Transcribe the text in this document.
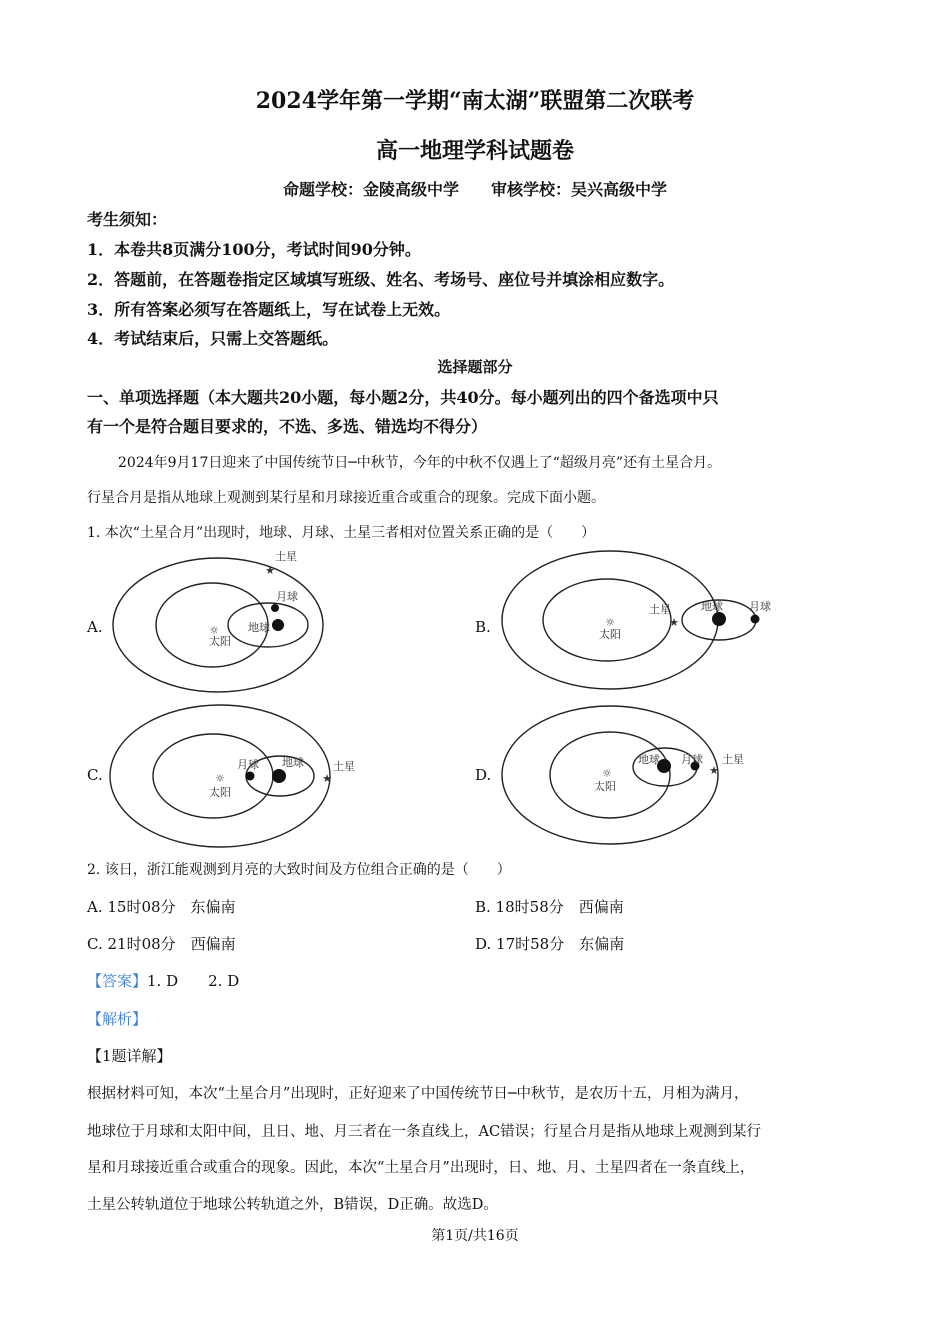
2024学年第一学期“南太湖”联盟第二次联考
高一地理学科试题卷
命题学校：金陵高级中学　　审核学校：吴兴高级中学
考生须知：
1．本卷共8页满分100分，考试时间90分钟。
2．答题前，在答题卷指定区域填写班级、姓名、考场号、座位号并填涂相应数字。
3．所有答案必须写在答题纸上，写在试卷上无效。
4．考试结束后，只需上交答题纸。
选择题部分
一、单项选择题（本大题共20小题，每小题2分，共40分。每小题列出的四个备选项中只
有一个是符合题目要求的，不选、多选、错选均不得分）
2024年9月17日迎来了中国传统节日─中秋节，今年的中秋不仅遇上了“超级月亮”还有土星合月。
行星合月是指从地球上观测到某行星和月球接近重合或重合的现象。完成下面小题。
1. 本次“土星合月”出现时，地球、月球、土星三者相对位置关系正确的是（　　）
A.	B.
C.	D.
☼
太阳
地球
月球
★
土星
☼
太阳
★
土星	地球 月球
☼
太阳
月球 地球
★
土星
☼
太阳
地球 月球
★
土星
2. 该日，浙江能观测到月亮的大致时间及方位组合正确的是（　　）
A. 15时08分　东偏南	B. 18时58分　西偏南
C. 21时08分　西偏南	D. 17时58分　东偏南
【答案】1. D　　2. D
【解析】
【1题详解】
根据材料可知，本次“土星合月”出现时，正好迎来了中国传统节日─中秋节，是农历十五，月相为满月，
地球位于月球和太阳中间，且日、地、月三者在一条直线上，AC错误；行星合月是指从地球上观测到某行
星和月球接近重合或重合的现象。因此，本次“土星合月”出现时，日、地、月、土星四者在一条直线上，
土星公转轨道位于地球公转轨道之外，B错误，D正确。故选D。
第1页/共16页
